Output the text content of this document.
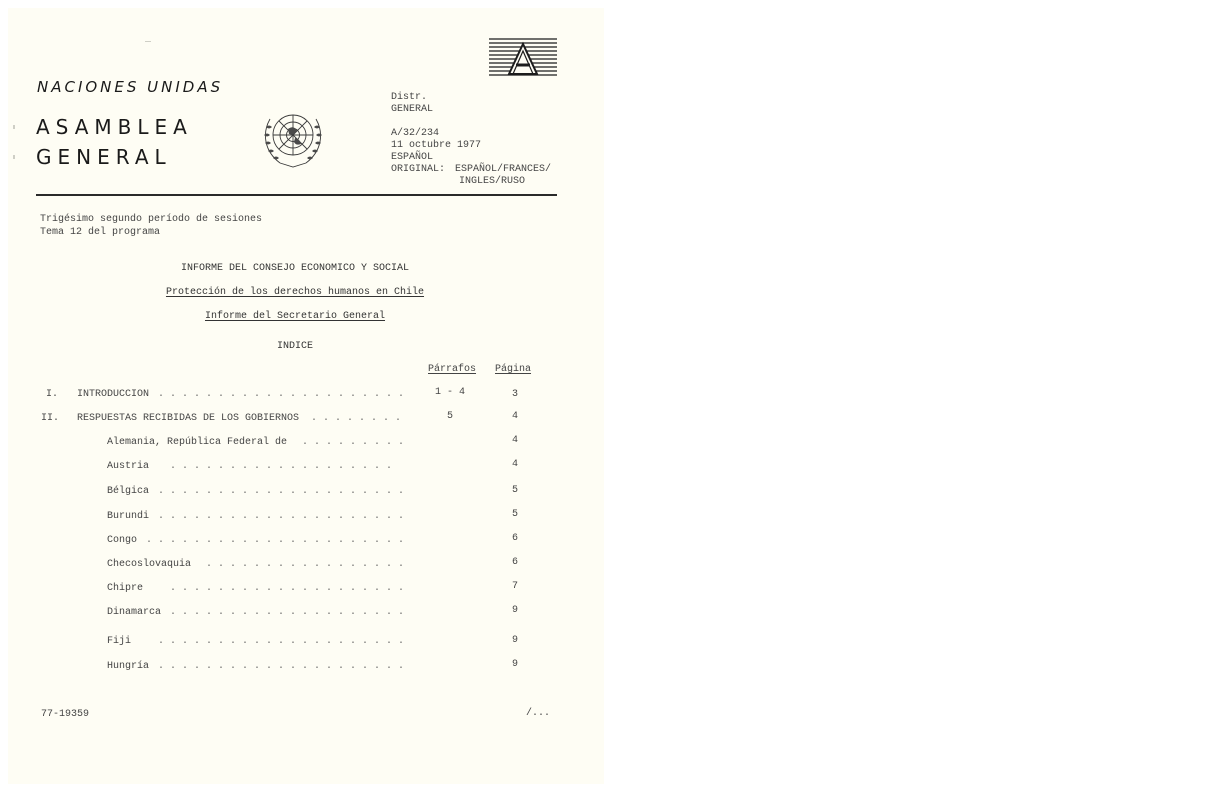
NACIONES UNIDAS
ASAMBLEA
GENERAL
Distr.
GENERAL
A/32/234
11 octubre 1977
ESPAÑOL
ORIGINAL: ESPAÑOL/FRANCES/
INGLES/RUSO
Trigésimo segundo período de sesiones
Tema 12 del programa
INFORME DEL CONSEJO ECONOMICO Y SOCIAL
Protección de los derechos humanos en Chile
Informe del Secretario General
INDICE
Párrafos Página
I. INTRODUCCION . . . . . . . . . . . . . . . . . . . . .	1 - 4	3
II. RESPUESTAS RECIBIDAS DE LOS GOBIERNOS . . . . . . . .	5	4
Alemania, República Federal de . . . . . . . . .	4
Austria . . . . . . . . . . . . . . . . . . .	4
Bélgica . . . . . . . . . . . . . . . . . . . . .	5
Burundi . . . . . . . . . . . . . . . . . . . . .	5
Congo . . . . . . . . . . . . . . . . . . . . . .	6
Checoslovaquia . . . . . . . . . . . . . . . . .	6
Chipre	. . . . . . . . . . . . . . . . . . . .	7
Dinamarca . . . . . . . . . . . . . . . . . . . .	9
Fiji	. . . . . . . . . . . . . . . . . . . . .	9
Hungría . . . . . . . . . . . . . . . . . . . . .	9
77-19359	/...
